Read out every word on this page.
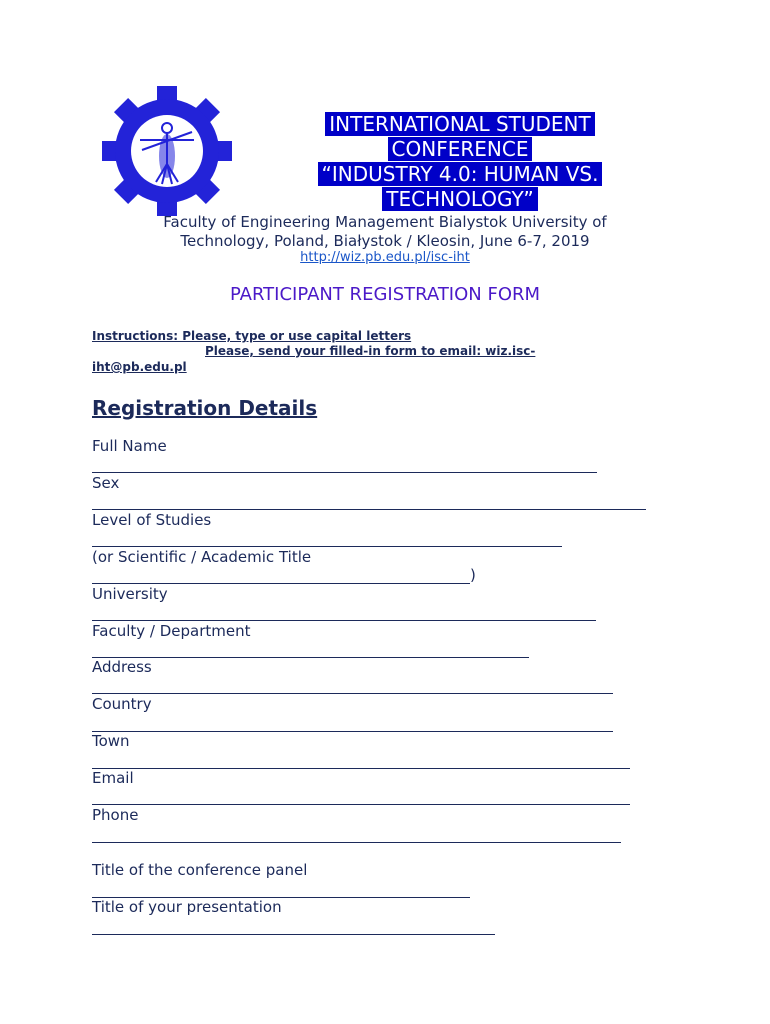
INTERNATIONAL STUDENT
CONFERENCE
“INDUSTRY 4.0: HUMAN VS.
TECHNOLOGY”
Faculty of Engineering Management Bialystok University of
Technology, Poland, Białystok / Kleosin, June 6-7, 2019
http://wiz.pb.edu.pl/isc-iht
PARTICIPANT REGISTRATION FORM
Instructions: Please, type or use capital letters
Please, send your filled-in form to email: wiz.isc-
iht@pb.edu.pl
Registration Details
Full Name
Sex
Level of Studies
(or Scientific / Academic Title
)
University
Faculty / Department
Address
Country
Town
Email
Phone
Title of the conference panel
Title of your presentation
